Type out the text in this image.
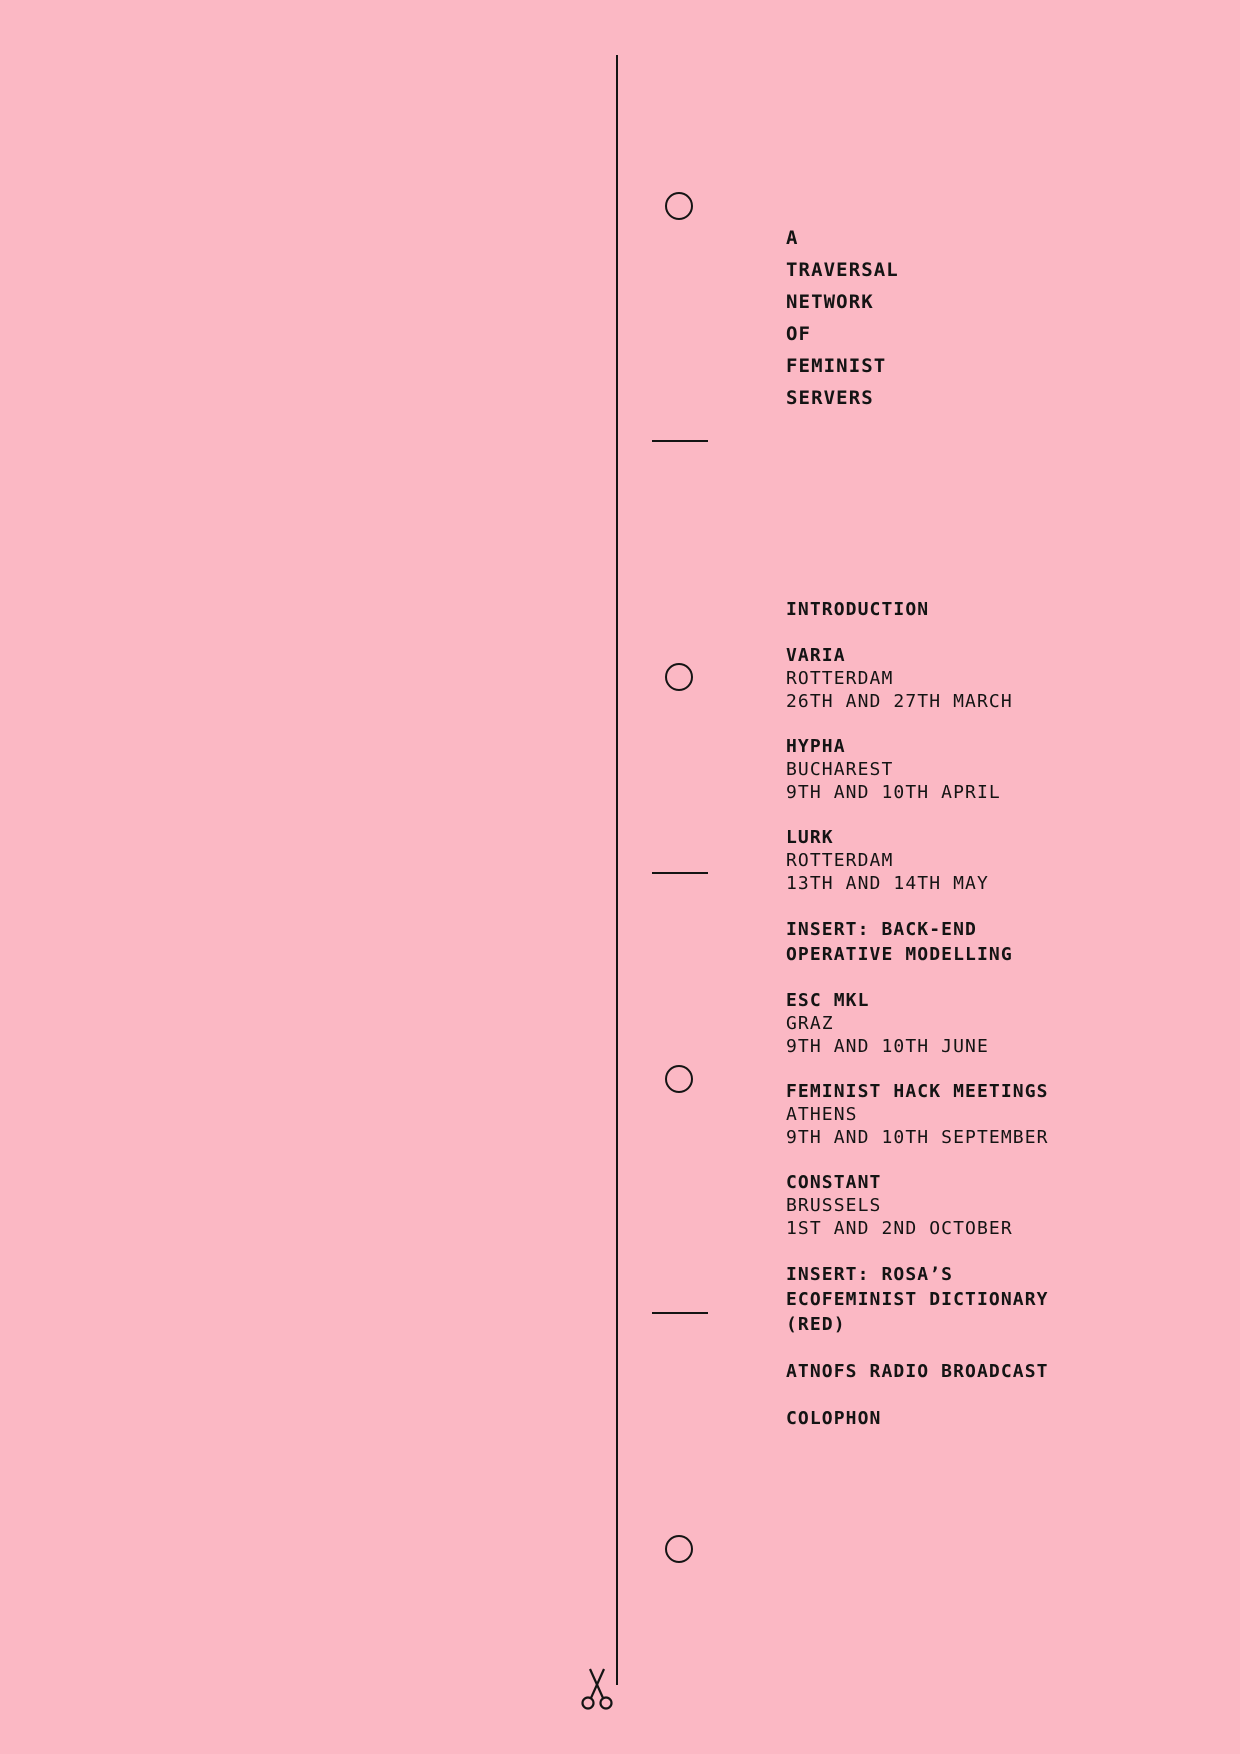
A
TRAVERSAL
NETWORK
OF
FEMINIST
SERVERS
INTRODUCTION
VARIA
ROTTERDAM
26TH AND 27TH MARCH
HYPHA
BUCHAREST
9TH AND 10TH APRIL
LURK
ROTTERDAM
13TH AND 14TH MAY
INSERT: BACK-END
OPERATIVE MODELLING
ESC MKL
GRAZ
9TH AND 10TH JUNE
FEMINIST HACK MEETINGS
ATHENS
9TH AND 10TH SEPTEMBER
CONSTANT
BRUSSELS
1ST AND 2ND OCTOBER
INSERT: ROSA’S
ECOFEMINIST DICTIONARY
(RED)
ATNOFS RADIO BROADCAST
COLOPHON
